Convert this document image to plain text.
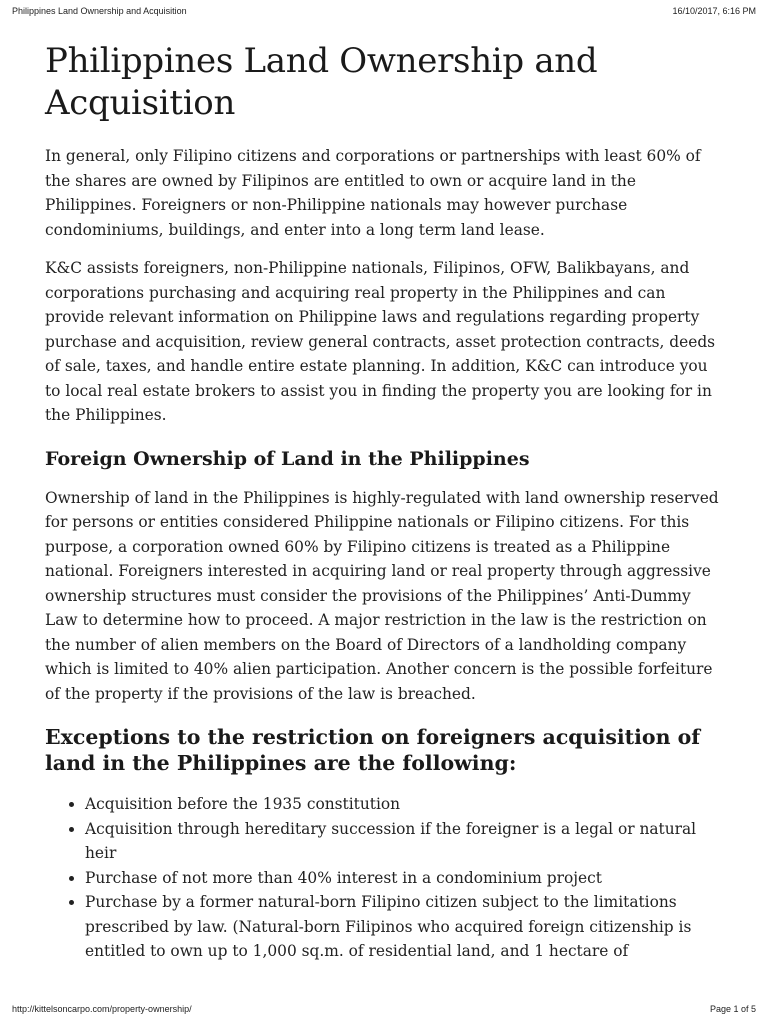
Philippines Land Ownership and Acquisition	16/10/2017, 6:16 PM
Philippines Land Ownership and Acquisition

In general, only Filipino citizens and corporations or partnerships with least 60% of the shares are owned by Filipinos are entitled to own or acquire land in the Philippines. Foreigners or non-Philippine nationals may however purchase condominiums, buildings, and enter into a long term land lease.

K&C assists foreigners, non-Philippine nationals, Filipinos, OFW, Balikbayans, and corporations purchasing and acquiring real property in the Philippines and can provide relevant information on Philippine laws and regulations regarding property purchase and acquisition, review general contracts, asset protection contracts, deeds of sale, taxes, and handle entire estate planning. In addition, K&C can introduce you to local real estate brokers to assist you in finding the property you are looking for in the Philippines.

Foreign Ownership of Land in the Philippines

Ownership of land in the Philippines is highly-regulated with land ownership reserved for persons or entities considered Philippine nationals or Filipino citizens. For this purpose, a corporation owned 60% by Filipino citizens is treated as a Philippine national. Foreigners interested in acquiring land or real property through aggressive ownership structures must consider the provisions of the Philippines’ Anti-Dummy Law to determine how to proceed. A major restriction in the law is the restriction on the number of alien members on the Board of Directors of a landholding company which is limited to 40% alien participation. Another concern is the possible forfeiture of the property if the provisions of the law is breached.

Exceptions to the restriction on foreigners acquisition of land in the Philippines are the following:
• Acquisition before the 1935 constitution
• Acquisition through hereditary succession if the foreigner is a legal or natural heir
• Purchase of not more than 40% interest in a condominium project
• Purchase by a former natural-born Filipino citizen subject to the limitations prescribed by law. (Natural-born Filipinos who acquired foreign citizenship is entitled to own up to 1,000 sq.m. of residential land, and 1 hectare of
http://kittelsoncarpo.com/property-ownership/	Page 1 of 5
